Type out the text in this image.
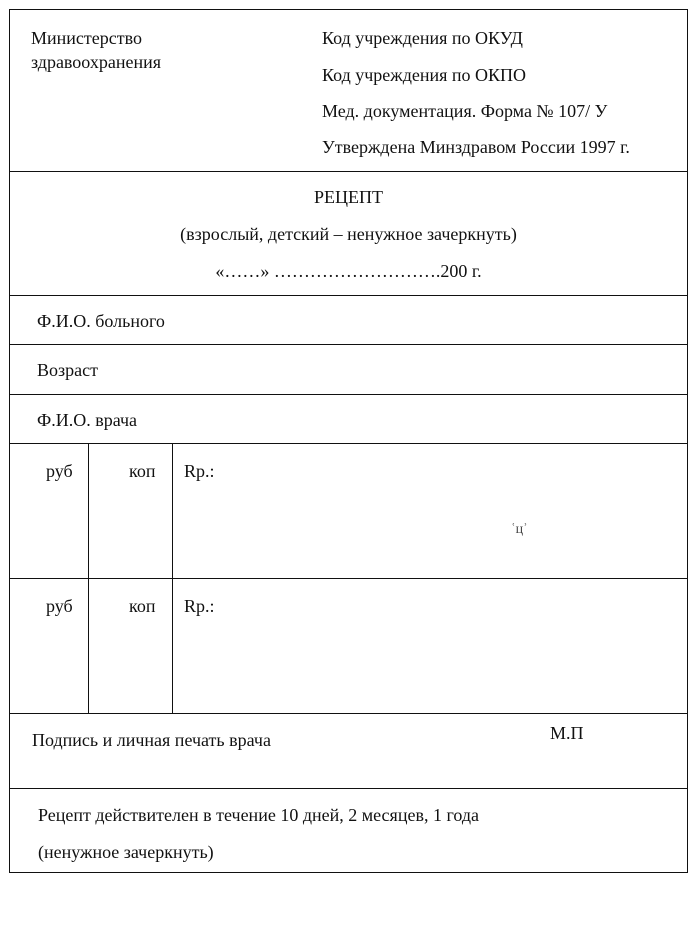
Министерство
здравоохранения
Код учреждения по ОКУД
Код учреждения по ОКПО
Мед. документация. Форма № 107/ У
Утверждена Минздравом России 1997 г.
РЕЦЕПТ
(взрослый, детский – ненужное зачеркнуть)
«……» ……………………….200 г.
Ф.И.О. больного
Возраст
Ф.И.О. врача
руб	коп Rp.:
ʿцʾ
руб	коп Rp.:
Подпись и личная печать врача	М.П
Рецепт действителен в течение 10 дней, 2 месяцев, 1 года
(ненужное зачеркнуть)
